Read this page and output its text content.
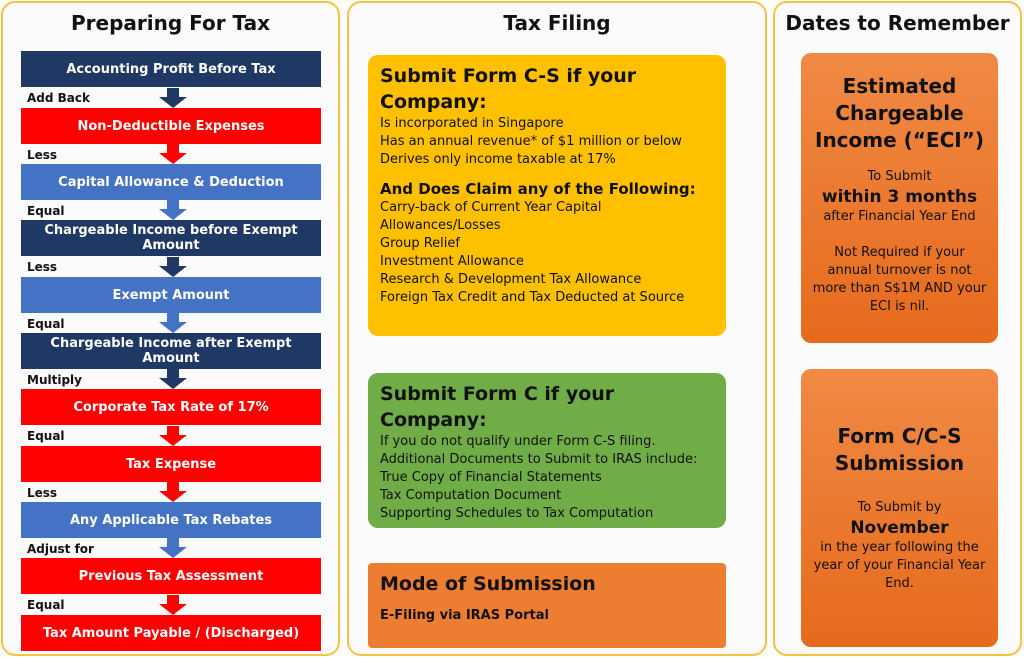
Preparing For Tax
Accounting Profit Before Tax
Add Back
Non-Deductible Expenses
Less
Capital Allowance & Deduction
Equal
Chargeable Income before Exempt Amount
Less
Exempt Amount
Equal
Chargeable Income after Exempt Amount
Multiply
Corporate Tax Rate of 17%
Equal
Tax Expense
Less
Any Applicable Tax Rebates
Adjust for
Previous Tax Assessment
Equal
Tax Amount Payable / (Discharged)
Tax Filing
Submit Form C-S if your Company:
Is incorporated in Singapore
Has an annual revenue* of $1 million or below
Derives only income taxable at 17%
And Does Claim any of the Following:
Carry-back of Current Year Capital
Allowances/Losses
Group Relief
Investment Allowance
Research & Development Tax Allowance
Foreign Tax Credit and Tax Deducted at Source
Submit Form C if your Company:
If you do not qualify under Form C-S filing.
Additional Documents to Submit to IRAS include:
True Copy of Financial Statements
Tax Computation Document
Supporting Schedules to Tax Computation
Mode of Submission
E-Filing via IRAS Portal
Dates to Remember
Estimated Chargeable Income (“ECI”)
To Submit
within 3 months
after Financial Year End
Not Required if your annual turnover is not more than S$1M AND your ECI is nil.
Form C/C-S Submission
To Submit by
November
in the year following the year of your Financial Year End.
